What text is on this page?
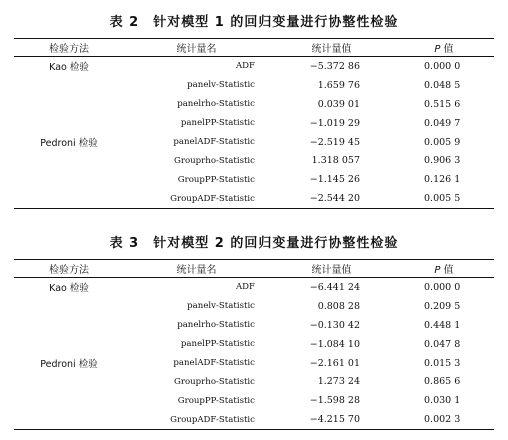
表 2　针对模型 1 的回归变量进行协整性检验
检验方法	统计量名	统计量值	P 值
Kao 检验	ADF	−5.372 86	0.000 0
	panelv-Statistic	1.659 76	0.048 5
	panelrho-Statistic	0.039 01	0.515 6
	panelPP-Statistic	−1.019 29	0.049 7
Pedroni 检验	panelADF-Statistic	−2.519 45	0.005 9
	Grouprho-Statistic	1.318 057	0.906 3
	GroupPP-Statistic	−1.145 26	0.126 1
	GroupADF-Statistic	−2.544 20	0.005 5
表 3　针对模型 2 的回归变量进行协整性检验
检验方法	统计量名	统计量值	P 值
Kao 检验	ADF	−6.441 24	0.000 0
	panelv-Statistic	0.808 28	0.209 5
	panelrho-Statistic	−0.130 42	0.448 1
	panelPP-Statistic	−1.084 10	0.047 8
Pedroni 检验	panelADF-Statistic	−2.161 01	0.015 3
	Grouprho-Statistic	1.273 24	0.865 6
	GroupPP-Statistic	−1.598 28	0.030 1
	GroupADF-Statistic	−4.215 70	0.002 3
